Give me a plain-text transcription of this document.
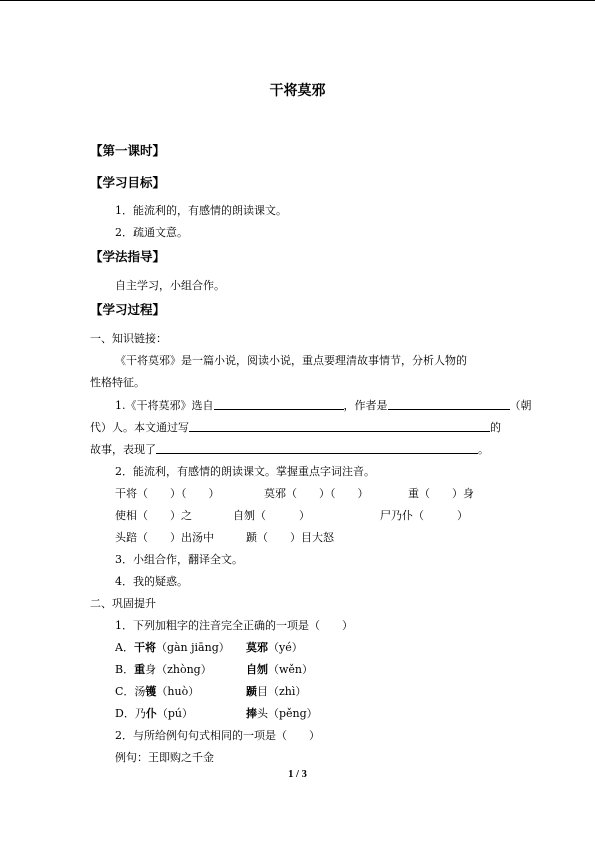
干将莫邪
【第一课时】
【学习目标】
1．能流利的，有感情的朗读课文。
2．疏通文意。
【学法指导】
自主学习，小组合作。
【学习过程】
一、知识链接：
《干将莫邪》是一篇小说，阅读小说，重点要理清故事情节，分析人物的
性格特征。
1.《干将莫邪》选自	，作者是	（朝
代）人。本文通过写	的
故事，表现了	。
2．能流利，有感情的朗读课文。掌握重点字词注音。
干将（　　）（　　）	莫邪（　　）（　　）	重（　　）身
使相（　　）之	自刎（　　　）	尸乃仆（　　　）
头踣（　　）出汤中	踬（　　）目大怒
3．小组合作，翻译全文。
4．我的疑惑。
二、巩固提升
1．下列加粗字的注音完全正确的一项是（　　）
A．干将（gàn jiāng） 莫邪（yé）
B．重身（zhòng）	自刎（wěn）
C．汤镬（huò）	踬目（zhì）
D．乃仆（pú）	捧头（pěng）
2．与所给例句句式相同的一项是（　　）
例句：王即购之千金
1 / 3
